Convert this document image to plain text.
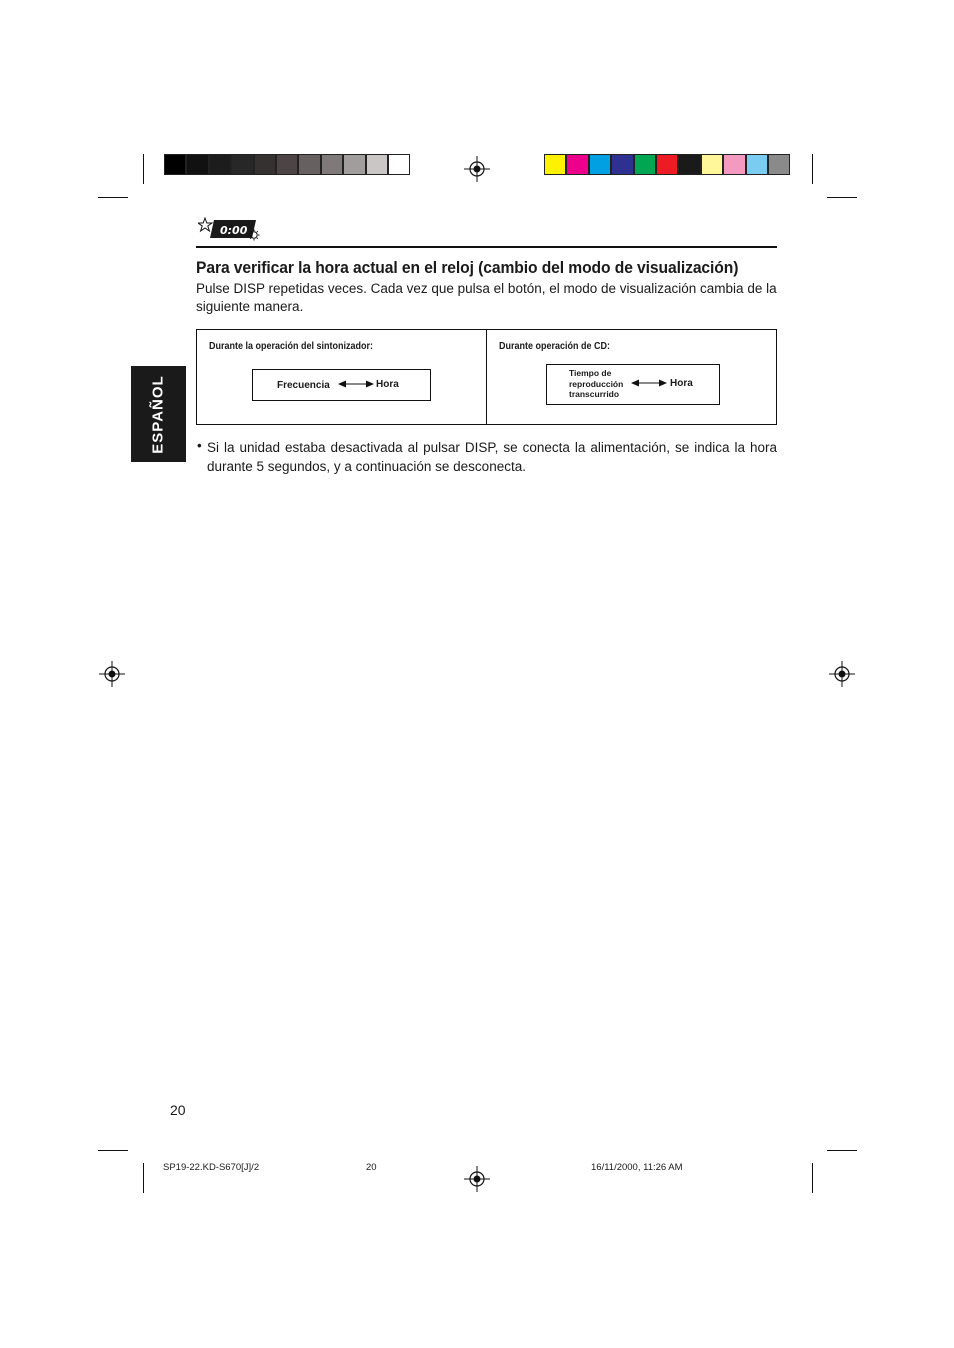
0:00
Para verificar la hora actual en el reloj (cambio del modo de visualización)
Pulse DISP repetidas veces. Cada vez que pulsa el botón, el modo de visualización cambia de la siguiente manera.
Durante la operación del sintonizador:
Frecuencia	Hora
Durante operación de CD:
Tiempo de
reproducción
transcurrido
Hora
• Si la unidad estaba desactivada al pulsar DISP, se conecta la alimentación, se indica la hora durante 5 segundos, y a continuación se desconecta.
ESPAÑOL
20
SP19-22.KD-S670[J]/2	20	16/11/2000, 11:26 AM
